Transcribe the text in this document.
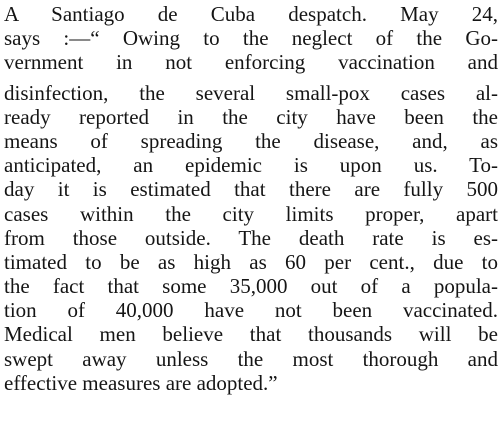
A Santiago de Cuba despatch. May 24,
says :—“ Owing to the neglect of the Go-
vernment in not enforcing vaccination and
disinfection, the several small-pox cases al-
ready reported in the city have been the
means of spreading the disease, and, as
anticipated, an epidemic is upon us. To-
day it is estimated that there are fully 500
cases within the city limits proper, apart
from those outside. The death rate is es-
timated to be as high as 60 per cent., due to
the fact that some 35,000 out of a popula-
tion of 40,000 have not been vaccinated.
Medical men believe that thousands will be
swept away unless the most thorough and
effective measures are adopted.”
